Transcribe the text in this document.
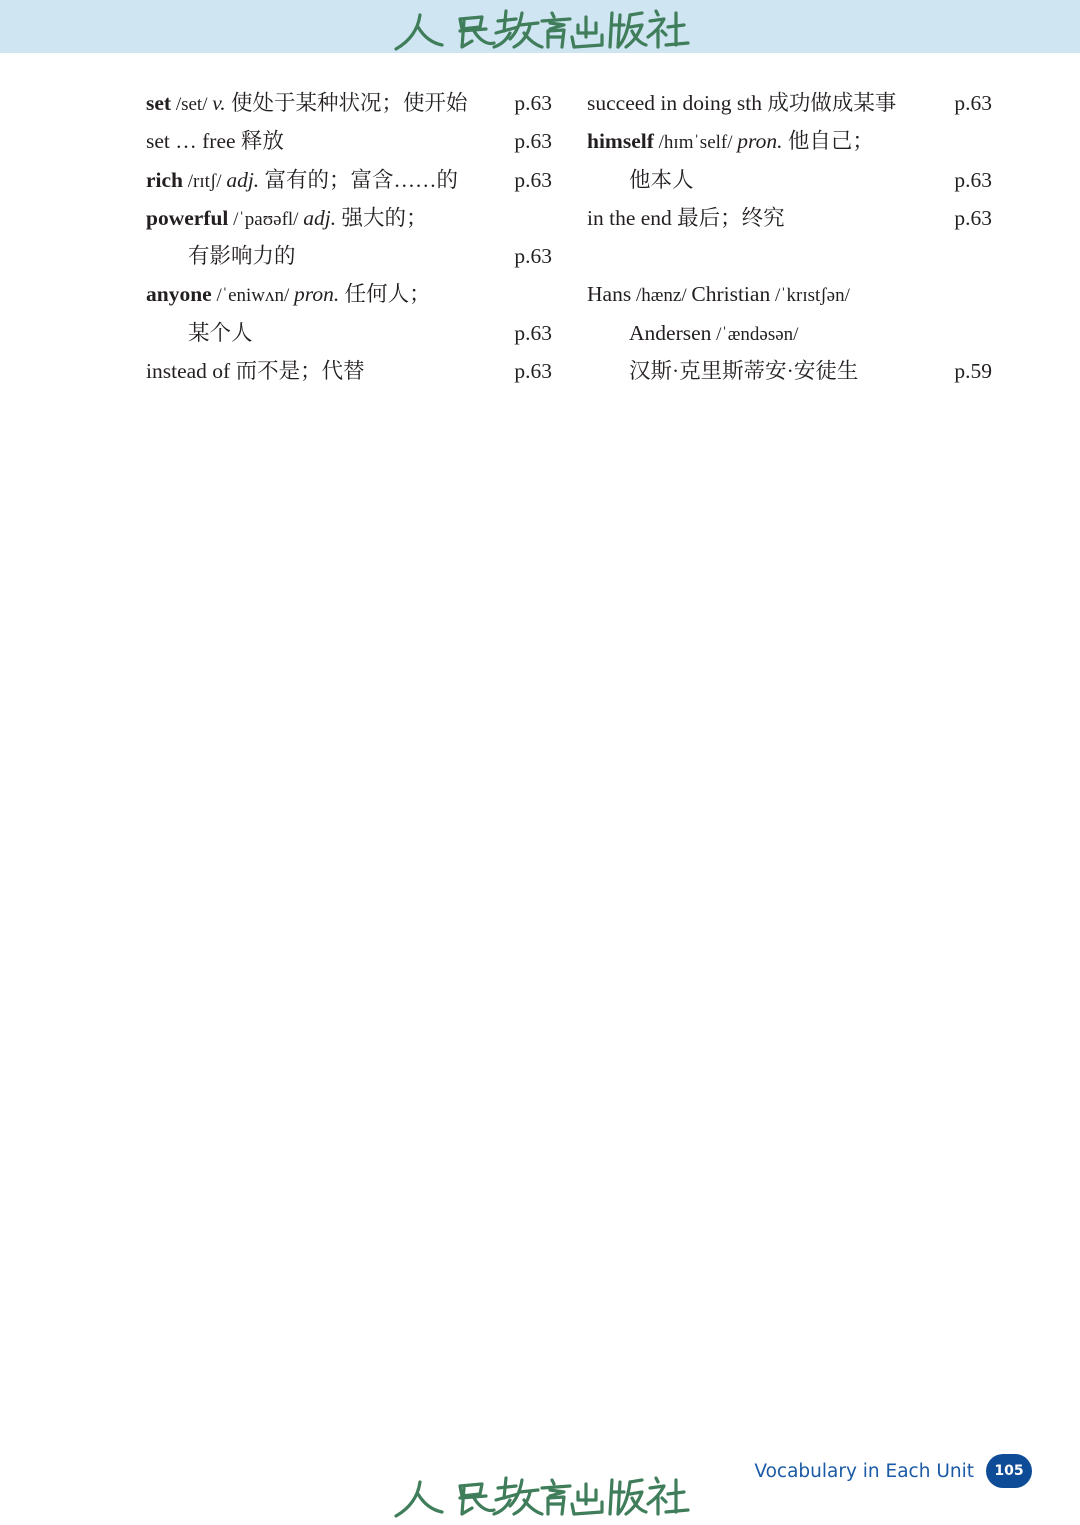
set /set/ v. 使处于某种状况；使开始 p.63
set … free 释放	p.63
rich /rɪtʃ/ adj. 富有的；富含……的	p.63
powerful /ˈpaʊəfl/ adj. 强大的；
有影响力的	p.63
anyone /ˈeniwʌn/ pron. 任何人；
某个人	p.63
instead of 而不是；代替	p.63
succeed in doing sth 成功做成某事	p.63
himself /hɪmˈself/ pron. 他自己；
他本人	p.63
in the end 最后；终究	p.63
Hans /hænz/ Christian /ˈkrɪstʃən/
Andersen /ˈændəsən/
汉斯·克里斯蒂安·安徒生	p.59
Vocabulary in Each Unit	105
